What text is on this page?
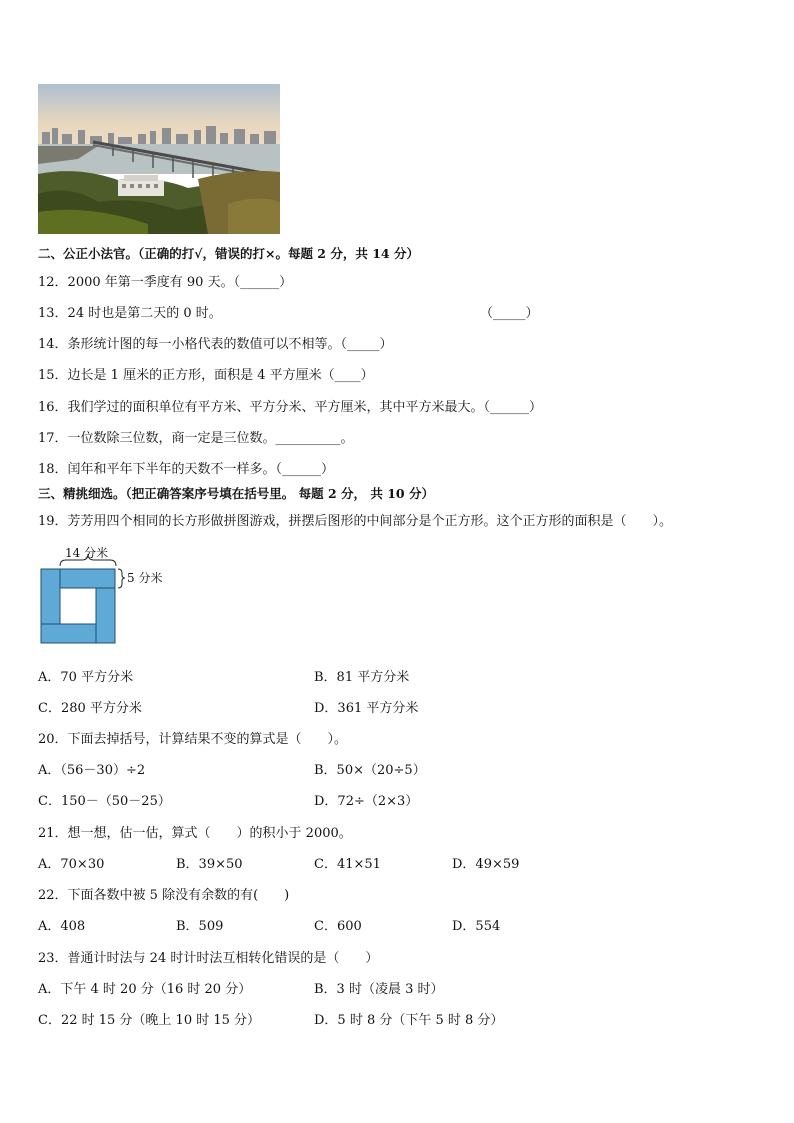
二、公正小法官。（正确的打√，错误的打×。每题 2 分，共 14 分）
12．2000 年第一季度有 90 天。（______）
13．24 时也是第二天的 0 时。	（_____）
14．条形统计图的每一小格代表的数值可以不相等。（_____）
15．边长是 1 厘米的正方形，面积是 4 平方厘米（____）
16．我们学过的面积单位有平方米、平方分米、平方厘米，其中平方米最大。（______）
17．一位数除三位数，商一定是三位数。__________。
18．闰年和平年下半年的天数不一样多。（______）
三、精挑细选。（把正确答案序号填在括号里。 每题 2 分， 共 10 分）
19．芳芳用四个相同的长方形做拼图游戏，拼摆后图形的中间部分是个正方形。这个正方形的面积是（　　）。
14 分米
5 分米
A．70 平方分米	B．81 平方分米
C．280 平方分米	D．361 平方分米
20．下面去掉括号，计算结果不变的算式是（　　）。
A．（56－30）÷2	B．50×（20÷5）
C．150－（50－25）	D．72÷（2×3）
21．想一想，估一估，算式（　　）的积小于 2000。
A．70×30	B．39×50	C．41×51	D．49×59
22．下面各数中被 5 除没有余数的有(　　)
A．408	B．509	C．600	D．554
23．普通计时法与 24 时计时法互相转化错误的是（　　）
A．下午 4 时 20 分（16 时 20 分）	B．3 时（凌晨 3 时）
C．22 时 15 分（晚上 10 时 15 分）	D．5 时 8 分（下午 5 时 8 分）
